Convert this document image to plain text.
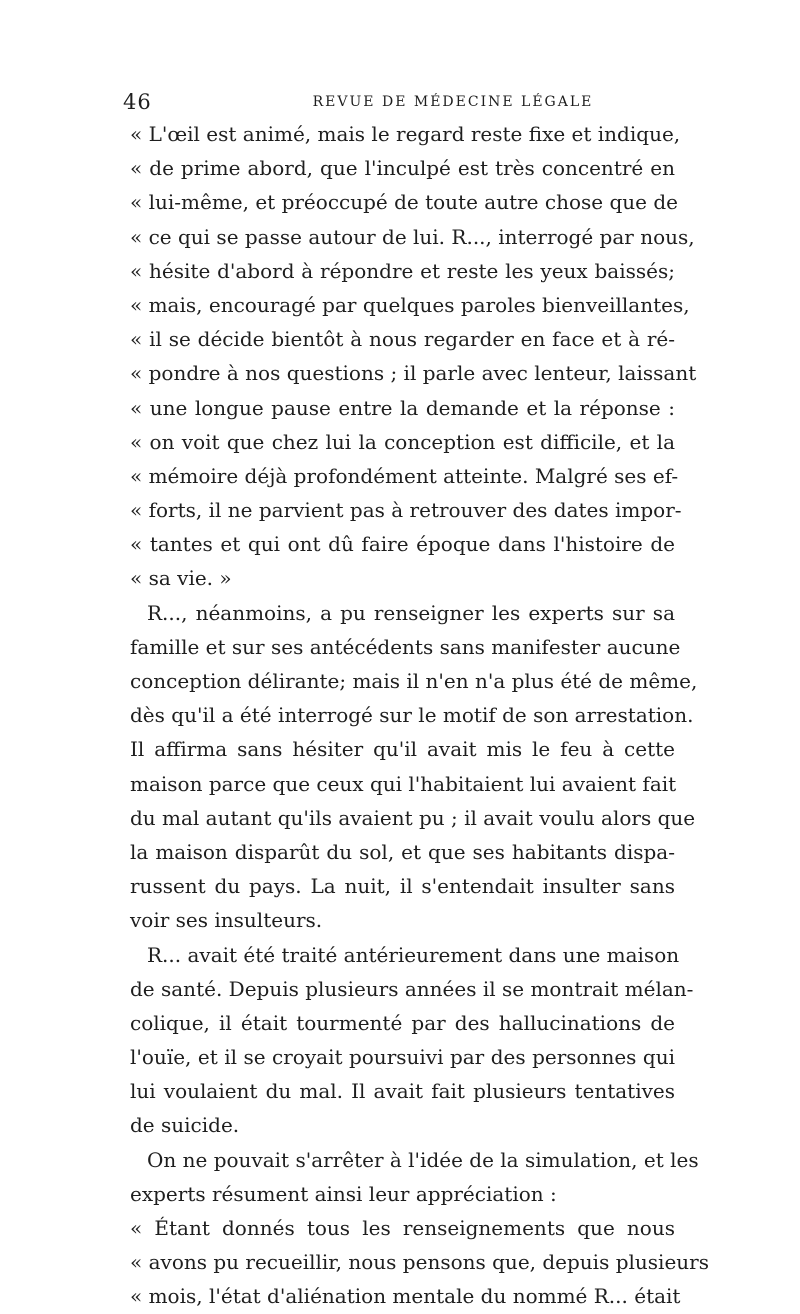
46	REVUE DE MÉDECINE LÉGALE
« L'œil est animé, mais le regard reste fixe et indique,
« de prime abord, que l'inculpé est très concentré en
« lui-même, et préoccupé de toute autre chose que de
« ce qui se passe autour de lui. R..., interrogé par nous,
« hésite d'abord à répondre et reste les yeux baissés;
« mais, encouragé par quelques paroles bienveillantes,
« il se décide bientôt à nous regarder en face et à ré-
« pondre à nos questions ; il parle avec lenteur, laissant
« une longue pause entre la demande et la réponse :
« on voit que chez lui la conception est difficile, et la
« mémoire déjà profondément atteinte. Malgré ses ef-
« forts, il ne parvient pas à retrouver des dates impor-
« tantes et qui ont dû faire époque dans l'histoire de
« sa vie. »
R..., néanmoins, a pu renseigner les experts sur sa
famille et sur ses antécédents sans manifester aucune
conception délirante; mais il n'en n'a plus été de même,
dès qu'il a été interrogé sur le motif de son arrestation.
Il affirma sans hésiter qu'il avait mis le feu à cette
maison parce que ceux qui l'habitaient lui avaient fait
du mal autant qu'ils avaient pu ; il avait voulu alors que
la maison disparût du sol, et que ses habitants dispa-
russent du pays. La nuit, il s'entendait insulter sans
voir ses insulteurs.
R... avait été traité antérieurement dans une maison
de santé. Depuis plusieurs années il se montrait mélan-
colique, il était tourmenté par des hallucinations de
l'ouïe, et il se croyait poursuivi par des personnes qui
lui voulaient du mal. Il avait fait plusieurs tentatives
de suicide.
On ne pouvait s'arrêter à l'idée de la simulation, et les
experts résument ainsi leur appréciation :
« Étant donnés tous les renseignements que nous
« avons pu recueillir, nous pensons que, depuis plusieurs
« mois, l'état d'aliénation mentale du nommé R... était
